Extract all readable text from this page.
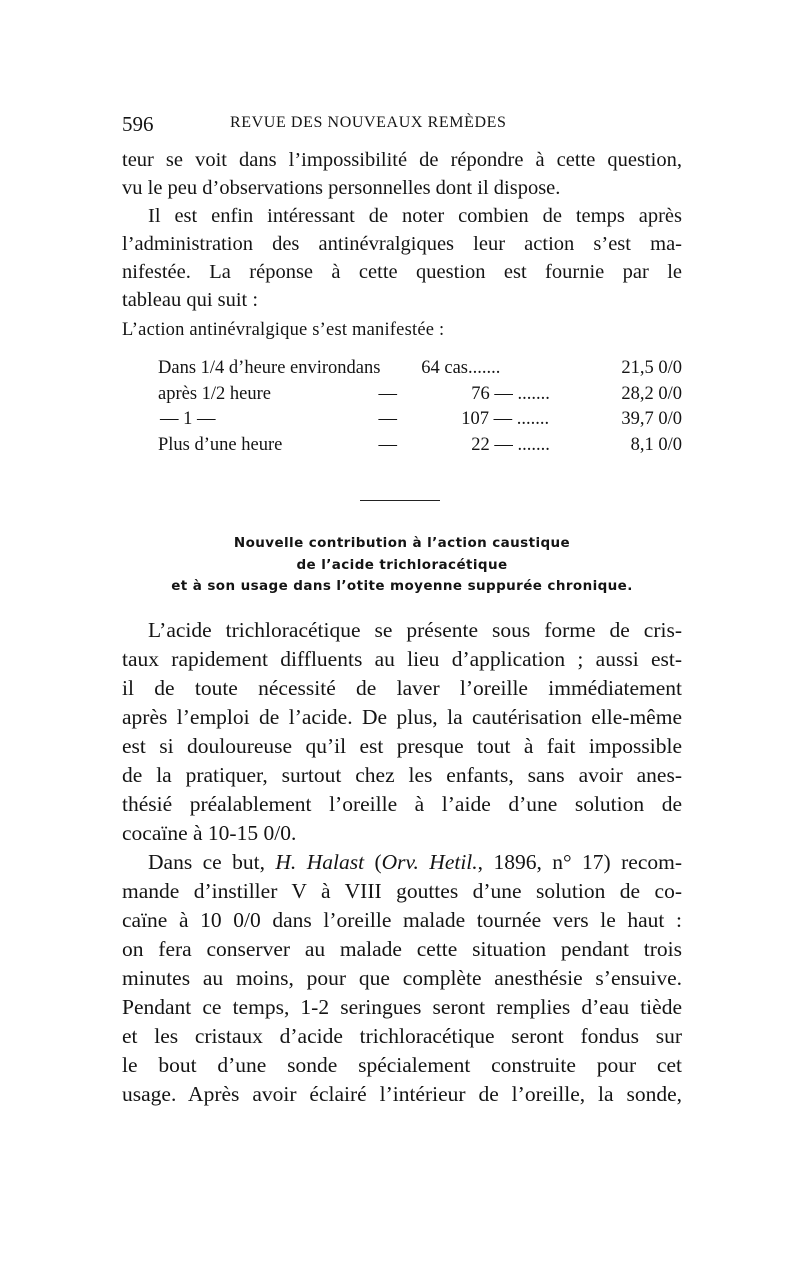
596	REVUE DES NOUVEAUX REMÈDES
teur se voit dans l’impossibilité de répondre à cette question,
vu le peu d’observations personnelles dont il dispose.
Il est enfin intéressant de noter combien de temps après
l’administration des antinévralgiques leur action s’est ma-
nifestée. La réponse à cette question est fournie par le
tableau qui suit :
L’action antinévralgique s’est manifestée :
Dans 1/4 d’heure environ	dans	64 cas.......	21,5 0/0
après 1/2 heure	—	76 — .......	28,2 0/0
— 1 —	—	107 — .......	39,7 0/0
Plus d’une heure	—	22 — .......	8,1 0/0
Nouvelle contribution à l’action caustique
de l’acide trichloracétique
et à son usage dans l’otite moyenne suppurée chronique.
L’acide trichloracétique se présente sous forme de cris-
taux rapidement diffluents au lieu d’application ; aussi est-
il de toute nécessité de laver l’oreille immédiatement
après l’emploi de l’acide. De plus, la cautérisation elle-même
est si douloureuse qu’il est presque tout à fait impossible
de la pratiquer, surtout chez les enfants, sans avoir anes-
thésié préalablement l’oreille à l’aide d’une solution de
cocaïne à 10-15 0/0.
Dans ce but, H. Halast (Orv. Hetil., 1896, n° 17) recom-
mande d’instiller V à VIII gouttes d’une solution de co-
caïne à 10 0/0 dans l’oreille malade tournée vers le haut :
on fera conserver au malade cette situation pendant trois
minutes au moins, pour que complète anesthésie s’ensuive.
Pendant ce temps, 1-2 seringues seront remplies d’eau tiède
et les cristaux d’acide trichloracétique seront fondus sur
le bout d’une sonde spécialement construite pour cet
usage. Après avoir éclairé l’intérieur de l’oreille, la sonde,
